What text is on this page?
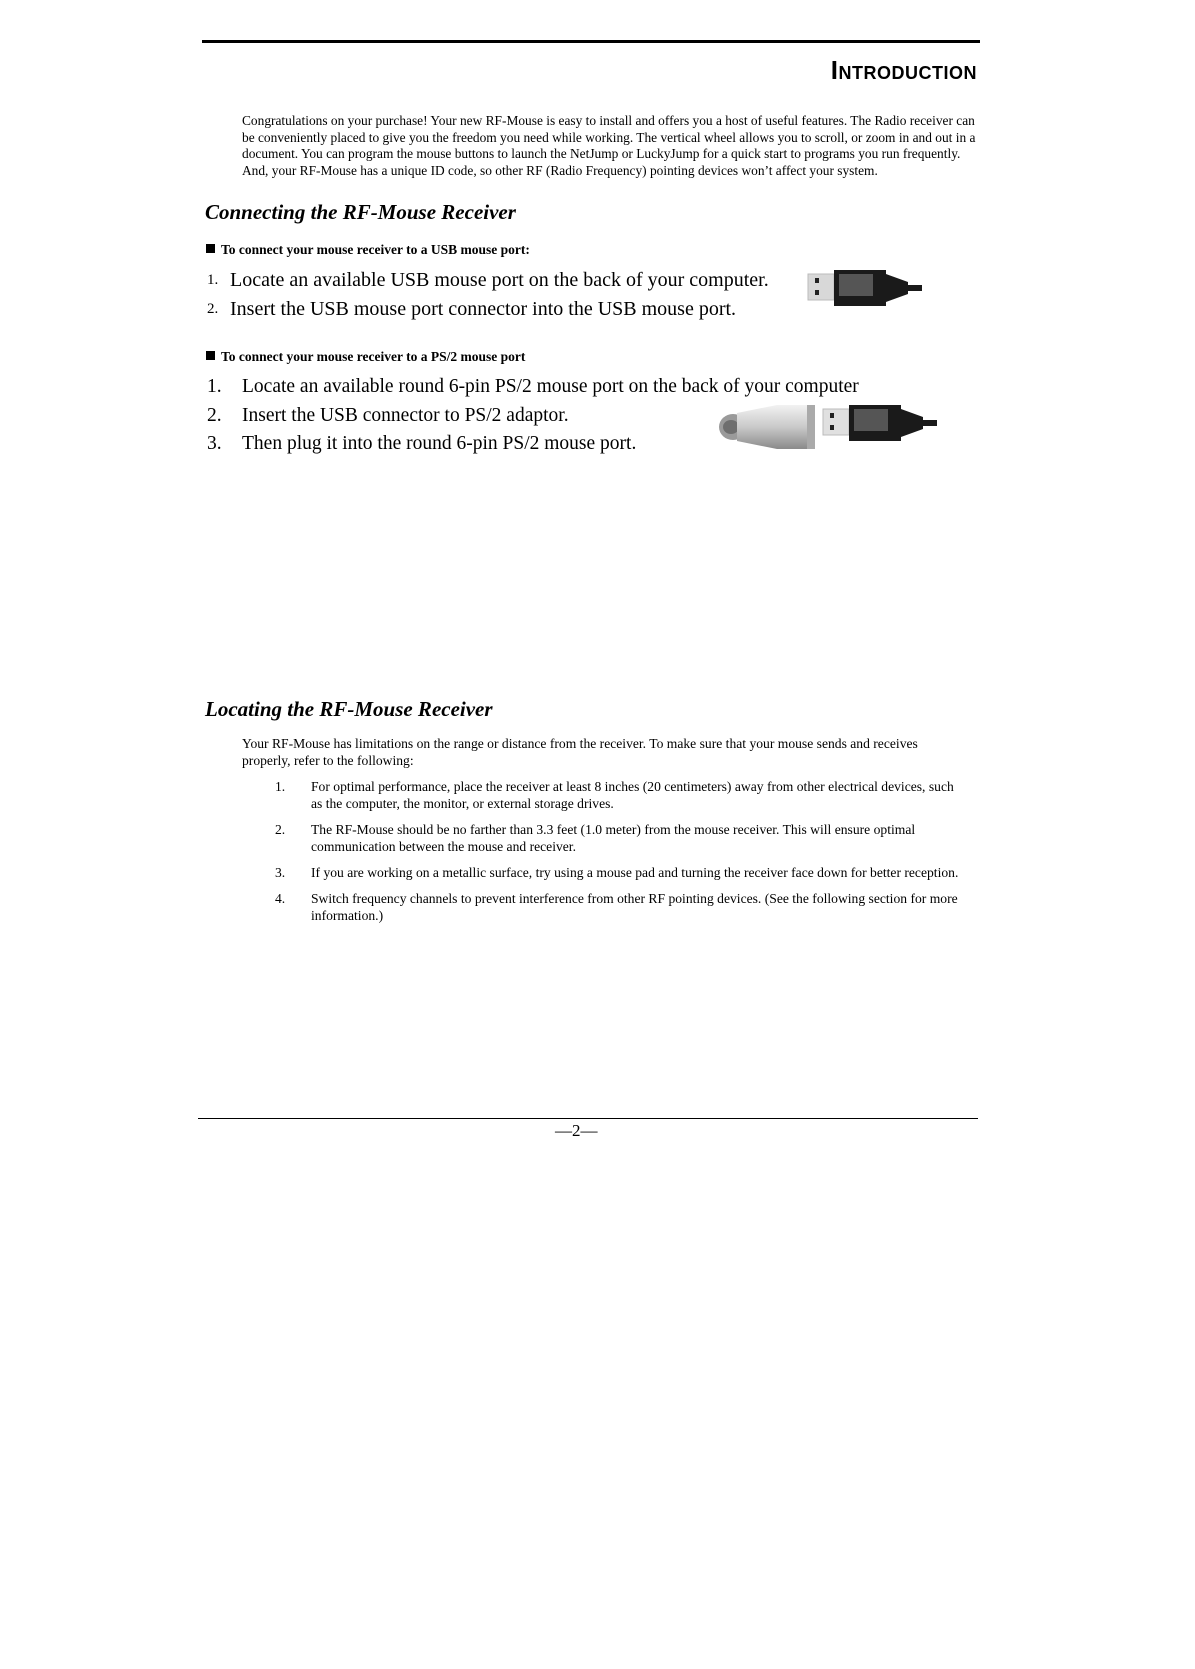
Introduction

Congratulations on your purchase! Your new RF-Mouse is easy to install and offers you a host of useful features. The Radio receiver can be conveniently placed to give you the freedom you need while working. The vertical wheel allows you to scroll, or zoom in and out in a document. You can program the mouse buttons to launch the NetJump or LuckyJump for a quick start to programs you run frequently. And, your RF-Mouse has a unique ID code, so other RF (Radio Frequency) pointing devices won’t affect your system.

Connecting the RF-Mouse Receiver
To connect your mouse receiver to a USB mouse port:
1. Locate an available USB mouse port on the back of your computer.
2. Insert the USB mouse port connector into the USB mouse port.
To connect your mouse receiver to a PS/2 mouse port
1. Locate an available round 6-pin PS/2 mouse port on the back of your computer
2. Insert the USB connector to PS/2 adaptor.
3. Then plug it into the round 6-pin PS/2 mouse port.
Locating the RF-Mouse Receiver
Your RF-Mouse has limitations on the range or distance from the receiver. To make sure that your mouse sends and receives properly, refer to the following:
1.	For optimal performance, place the receiver at least 8 inches (20 centimeters) away from other electrical devices, such as the computer, the monitor, or external storage drives.
2.	The RF-Mouse should be no farther than 3.3 feet (1.0 meter) from the mouse receiver. This will ensure optimal communication between the mouse and receiver.
3.	If you are working on a metallic surface, try using a mouse pad and turning the receiver face down for better reception.
4.	Switch frequency channels to prevent interference from other RF pointing devices. (See the following section for more information.)
—2—
